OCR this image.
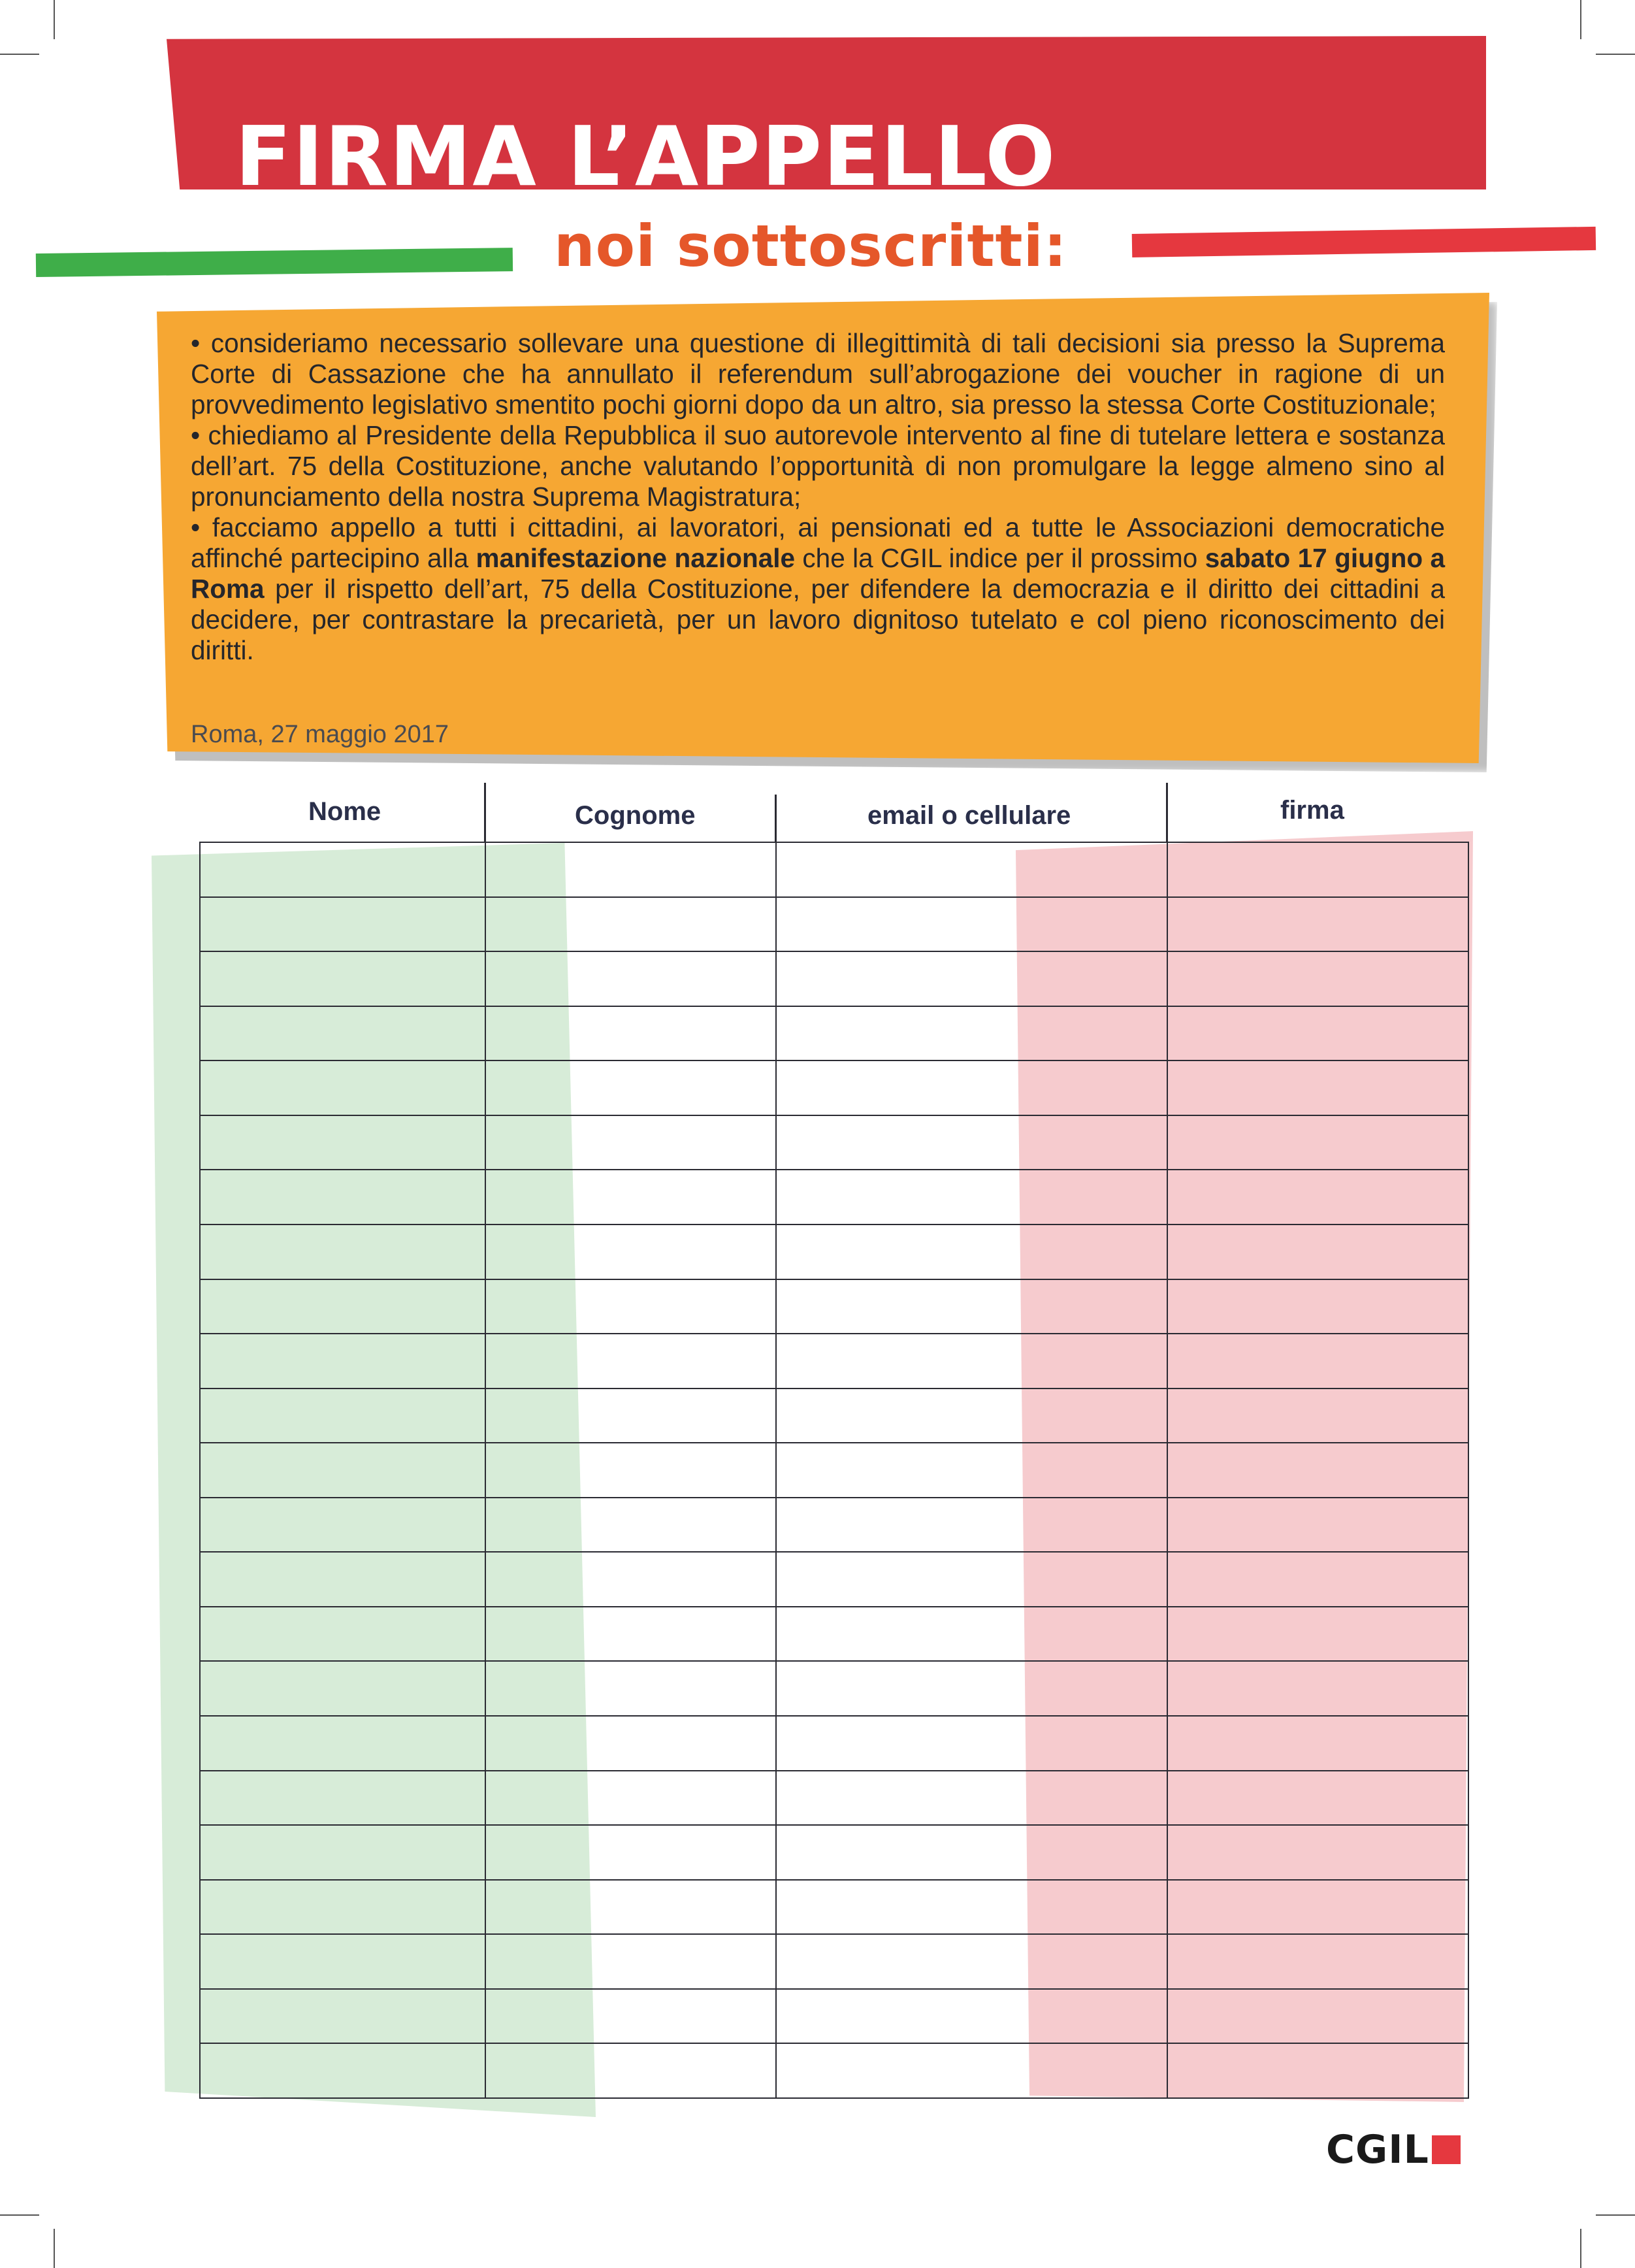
FIRMA L’APPELLO
noi sottoscritti:

• consideriamo necessario sollevare una questione di illegittimità di tali decisioni sia presso la Suprema Corte di Cassazione che ha annullato il referendum sull’abrogazione dei voucher in ragione di un provvedimento legislativo smentito pochi giorni dopo da un altro, sia presso la stessa Corte Costituzionale;

• chiediamo al Presidente della Repubblica il suo autorevole intervento al fine di tutelare lettera e sostanza dell’art. 75 della Costituzione, anche valutando l’opportunità di non promulgare la legge almeno sino al pronunciamento della nostra Suprema Magistratura;

• facciamo appello a tutti i cittadini, ai lavoratori, ai pensionati ed a tutte le Associazioni democratiche affinché partecipino alla manifestazione nazionale che la CGIL indice per il prossimo sabato 17 giugno a Roma per il rispetto dell’art, 75 della Costituzione, per difendere la democrazia e il diritto dei cittadini a decidere, per contrastare la precarietà, per un lavoro dignitoso tutelato e col pieno riconoscimento dei diritti.

Roma, 27 maggio 2017
Nome	Cognome	email o cellulare	firma

CGIL
